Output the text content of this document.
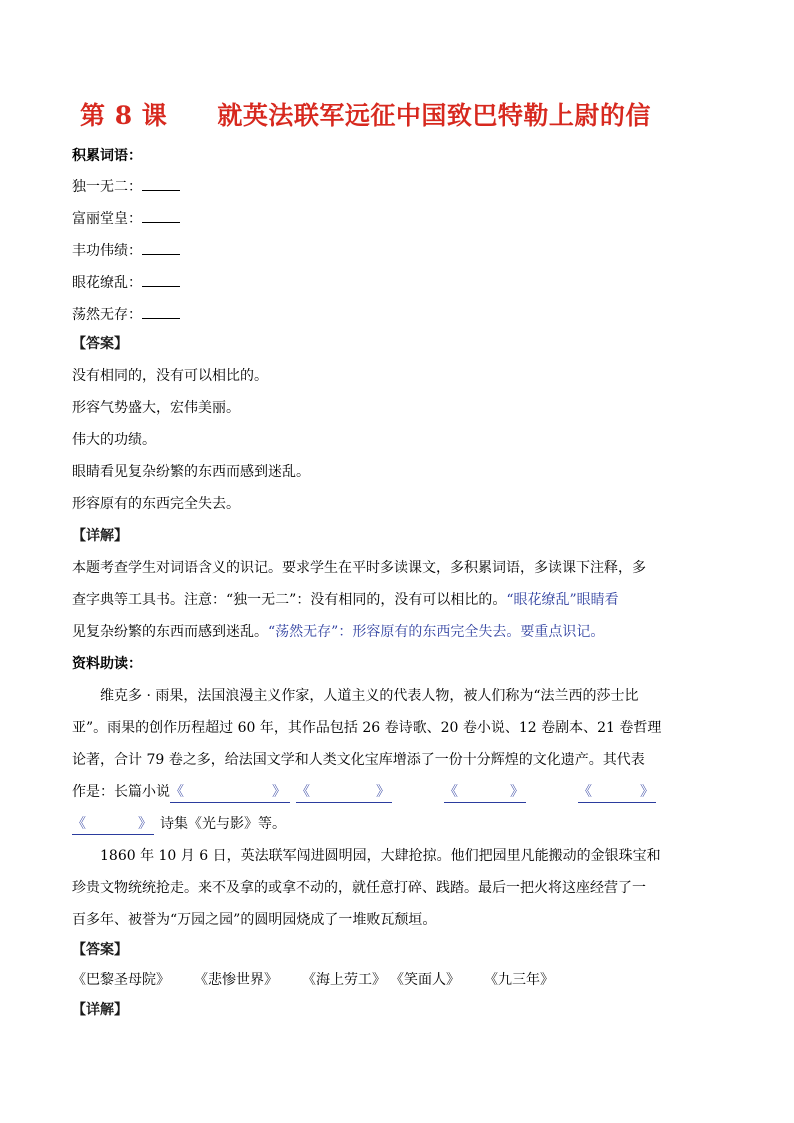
第 8 课 就英法联军远征中国致巴特勒上尉的信
积累词语：
独一无二：
富丽堂皇：
丰功伟绩：
眼花缭乱：
荡然无存：
【答案】
没有相同的，没有可以相比的。
形容气势盛大，宏伟美丽。
伟大的功绩。
眼睛看见复杂纷繁的东西而感到迷乱。
形容原有的东西完全失去。
【详解】
本题考查学生对词语含义的识记。要求学生在平时多读课文，多积累词语，多读课下注释，多
查字典等工具书。注意：“独一无二”：没有相同的，没有可以相比的。“眼花缭乱”眼睛看
见复杂纷繁的东西而感到迷乱。“荡然无存”：形容原有的东西完全失去。要重点识记。
资料助读：
维克多 · 雨果，法国浪漫主义作家，人道主义的代表人物，被人们称为“法兰西的莎士比
亚”。雨果的创作历程超过 60 年，其作品包括 26 卷诗歌、20 卷小说、12 卷剧本、21 卷哲理
论著，合计 79 卷之多，给法国文学和人类文化宝库增添了一份十分辉煌的文化遗产。其代表
作是：长篇小说《	》 《	》	《	》	《	》
《	》 诗集《光与影》等。
1860 年 10 月 6 日，英法联军闯进圆明园，大肆抢掠。他们把园里凡能搬动的金银珠宝和
珍贵文物统统抢走。来不及拿的或拿不动的，就任意打碎、践踏。最后一把火将这座经营了一
百多年、被誉为“万园之园”的圆明园烧成了一堆败瓦颓垣。
【答案】
《巴黎圣母院》 《悲惨世界》 《海上劳工》 《笑面人》 《九三年》
【详解】
